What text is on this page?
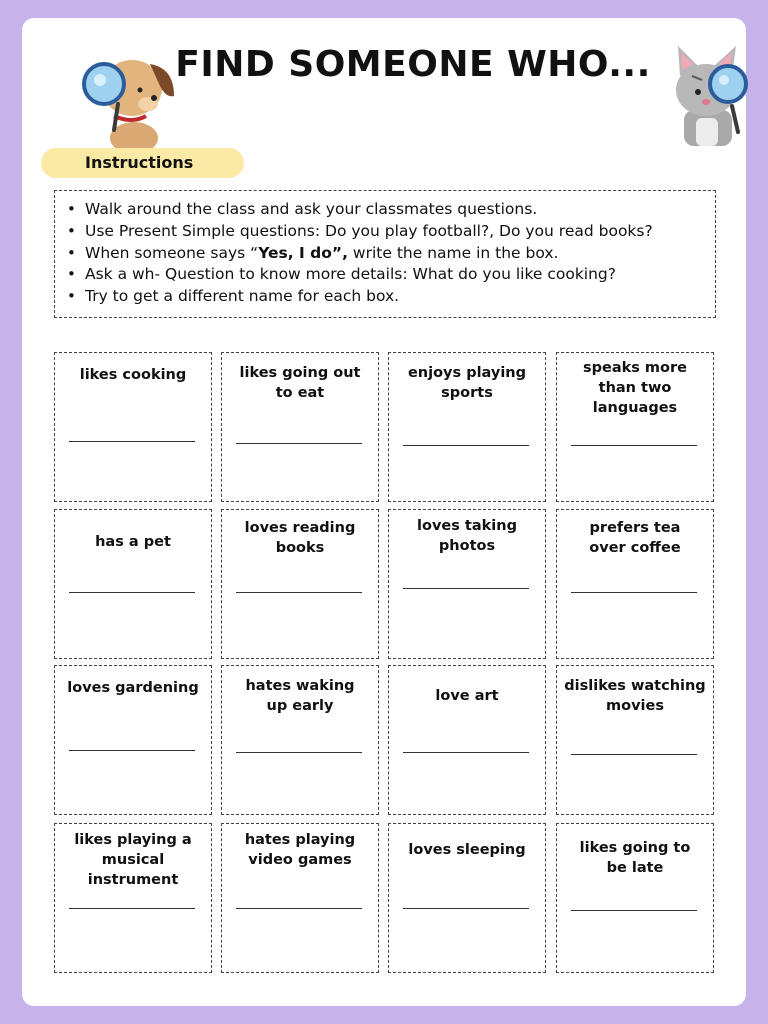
FIND SOMEONE WHO...
Instructions
• Walk around the class and ask your classmates questions.
• Use Present Simple questions: Do you play football?, Do you read books?
• When someone says “Yes, I do”, write the name in the box.
• Ask a wh- Question to know more details: What do you like cooking?
• Try to get a different name for each box.
likes cooking	likes going out
to eat
enjoys playing
sports
speaks more
than two
languages
has a pet
loves reading
books
loves taking
photos
prefers tea
over coffee
loves gardening	hates waking
up early
love art
dislikes watching
movies
likes playing a
musical instrument
hates playing
video games
loves sleeping	likes going to
be late
